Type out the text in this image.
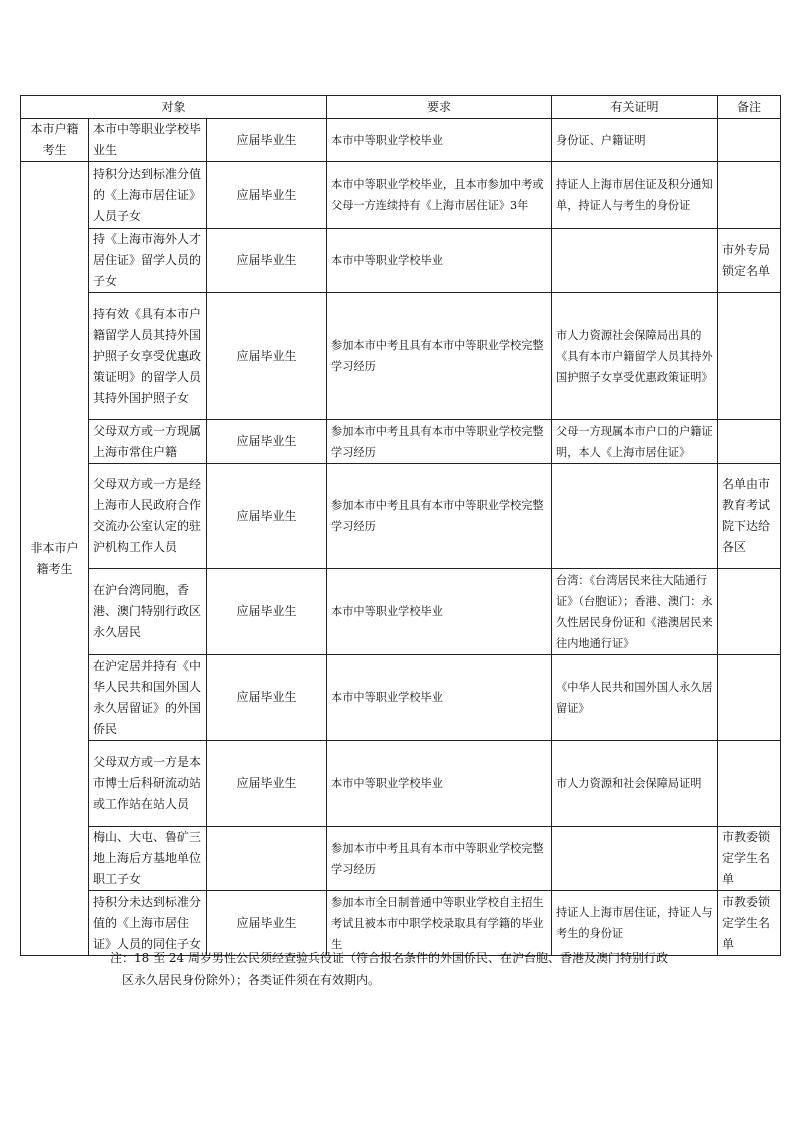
对象			要求	有关证明	备注
本市户籍考生	本市中等职业学校毕业生	应届毕业生	本市中等职业学校毕业	身份证、户籍证明	
非本市户籍考生	持积分达到标准分值的《上海市居住证》人员子女	应届毕业生	本市中等职业学校毕业，且本市参加中考或父母一方连续持有《上海市居住证》3年	持证人上海市居住证及积分通知单，持证人与考生的身份证	
	持《上海市海外人才居住证》留学人员的子女	应届毕业生	本市中等职业学校毕业		市外专局锁定名单
	持有效《具有本市户籍留学人员其持外国护照子女享受优惠政策证明》的留学人员其持外国护照子女	应届毕业生	参加本市中考且具有本市中等职业学校完整学习经历	市人力资源社会保障局出具的《具有本市户籍留学人员其持外国护照子女享受优惠政策证明》	
	父母双方或一方现属上海市常住户籍	应届毕业生	参加本市中考且具有本市中等职业学校完整学习经历	父母一方现属本市户口的户籍证明，本人《上海市居住证》	
	父母双方或一方是经上海市人民政府合作交流办公室认定的驻沪机构工作人员	应届毕业生	参加本市中考且具有本市中等职业学校完整学习经历		名单由市教育考试院下达给各区
	在沪台湾同胞，香港、澳门特别行政区永久居民	应届毕业生	本市中等职业学校毕业	台湾：《台湾居民来往大陆通行证》（台胞证）；香港、澳门：永久性居民身份证和《港澳居民来往内地通行证》	
	在沪定居并持有《中华人民共和国外国人永久居留证》的外国侨民	应届毕业生	本市中等职业学校毕业	《中华人民共和国外国人永久居留证》	
	父母双方或一方是本市博士后科研流动站或工作站在站人员	应届毕业生	本市中等职业学校毕业	市人力资源和社会保障局证明	
	梅山、大屯、鲁矿三地上海后方基地单位职工子女		参加本市中考且具有本市中等职业学校完整学习经历		市教委锁定学生名单
	持积分未达到标准分值的《上海市居住证》人员的同住子女	应届毕业生	参加本市全日制普通中等职业学校自主招生考试且被本市中职学校录取具有学籍的毕业生	持证人上海市居住证，持证人与考生的身份证	市教委锁定学生名单
注：18 至 24 周岁男性公民须经查验兵役证（符合报名条件的外国侨民、在沪台胞、香港及澳门特别行政
区永久居民身份除外）；各类证件须在有效期内。
